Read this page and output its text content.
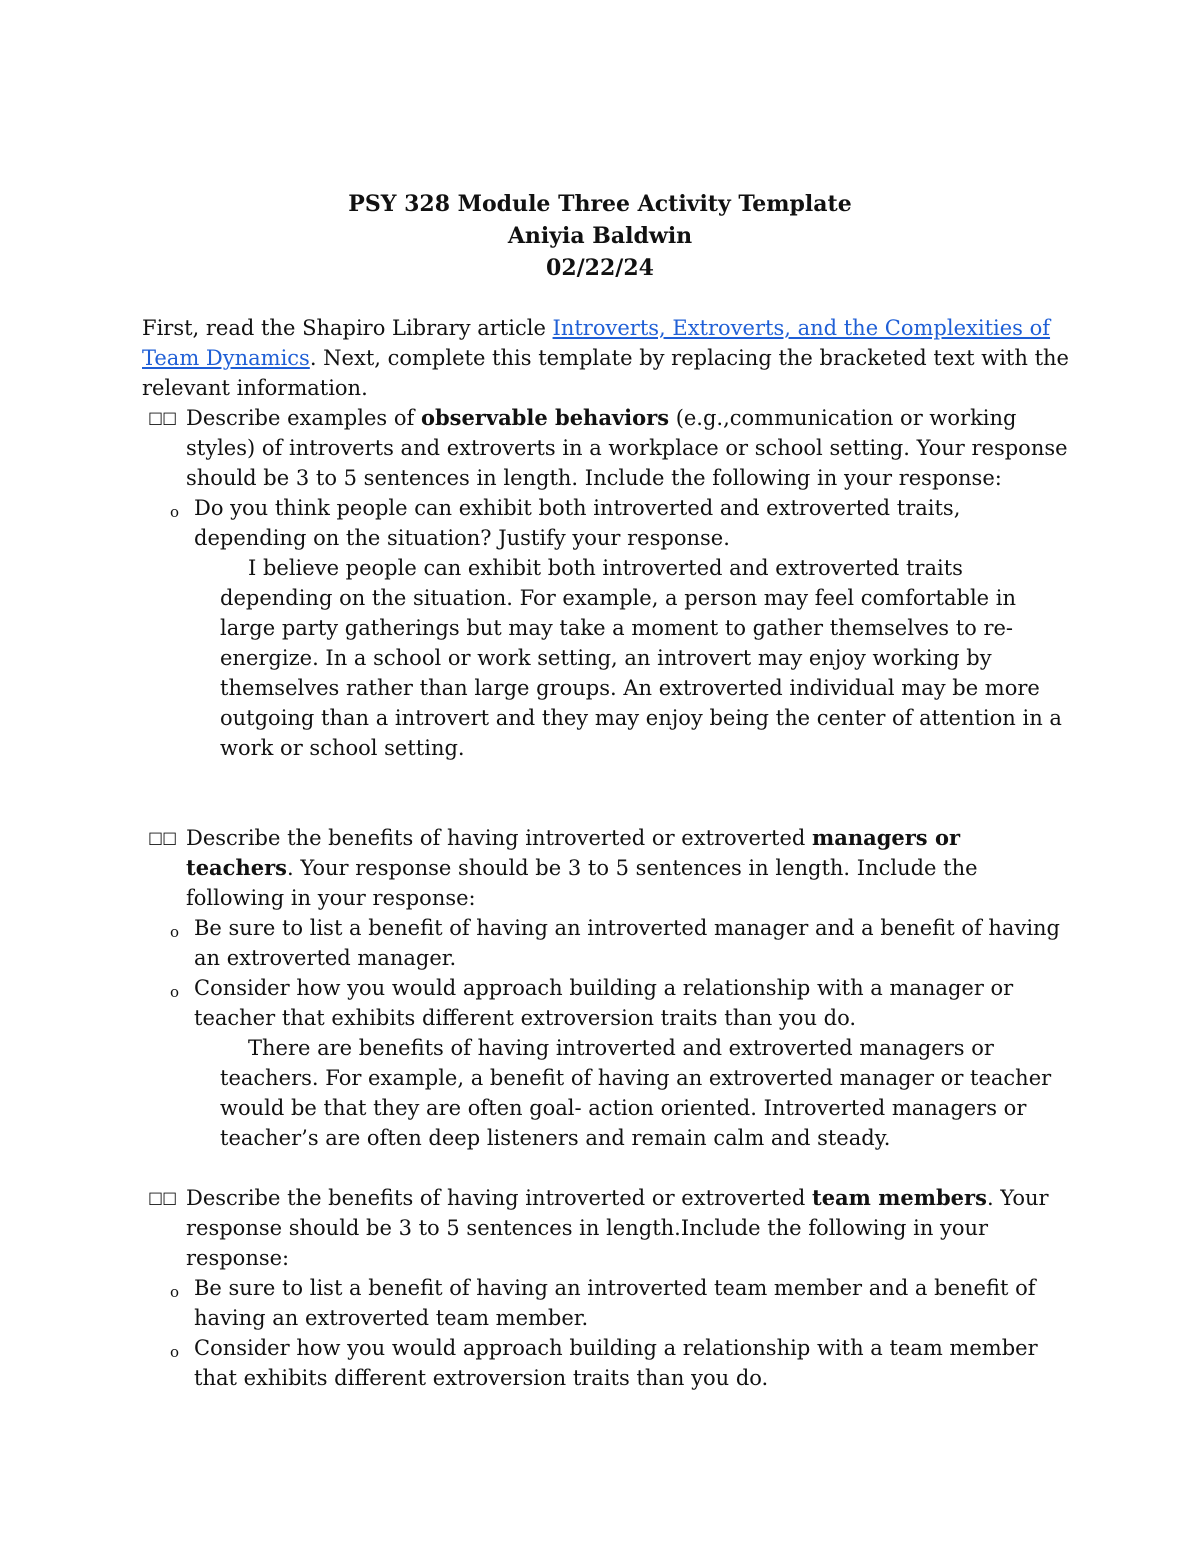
PSY 328 Module Three Activity Template
Aniyia Baldwin
02/22/24
First, read the Shapiro Library article Introverts, Extroverts, and the Complexities of Team Dynamics. Next, complete this template by replacing the bracketed text with the relevant information.

□□ Describe examples of observable behaviors (e.g.,communication or working styles) of introverts and extroverts in a workplace or school setting. Your response should be 3 to 5 sentences in length. Include the following in your response:

o Do you think people can exhibit both introverted and extroverted traits, depending on the situation? Justify your response.

I believe people can exhibit both introverted and extroverted traits depending on the situation. For example, a person may feel comfortable in large party gatherings but may take a moment to gather themselves to re-energize. In a school or work setting, an introvert may enjoy working by themselves rather than large groups. An extroverted individual may be more outgoing than a introvert and they may enjoy being the center of attention in a work or school setting.

□□ Describe the benefits of having introverted or extroverted managers or teachers. Your response should be 3 to 5 sentences in length. Include the following in your response:

o Be sure to list a benefit of having an introverted manager and a benefit of having an extroverted manager.

o Consider how you would approach building a relationship with a manager or teacher that exhibits different extroversion traits than you do.

There are benefits of having introverted and extroverted managers or teachers. For example, a benefit of having an extroverted manager or teacher would be that they are often goal- action oriented. Introverted managers or teacher’s are often deep listeners and remain calm and steady.

□□ Describe the benefits of having introverted or extroverted team members. Your response should be 3 to 5 sentences in length.Include the following in your response:

o Be sure to list a benefit of having an introverted team member and a benefit of having an extroverted team member.

o Consider how you would approach building a relationship with a team member that exhibits different extroversion traits than you do.
